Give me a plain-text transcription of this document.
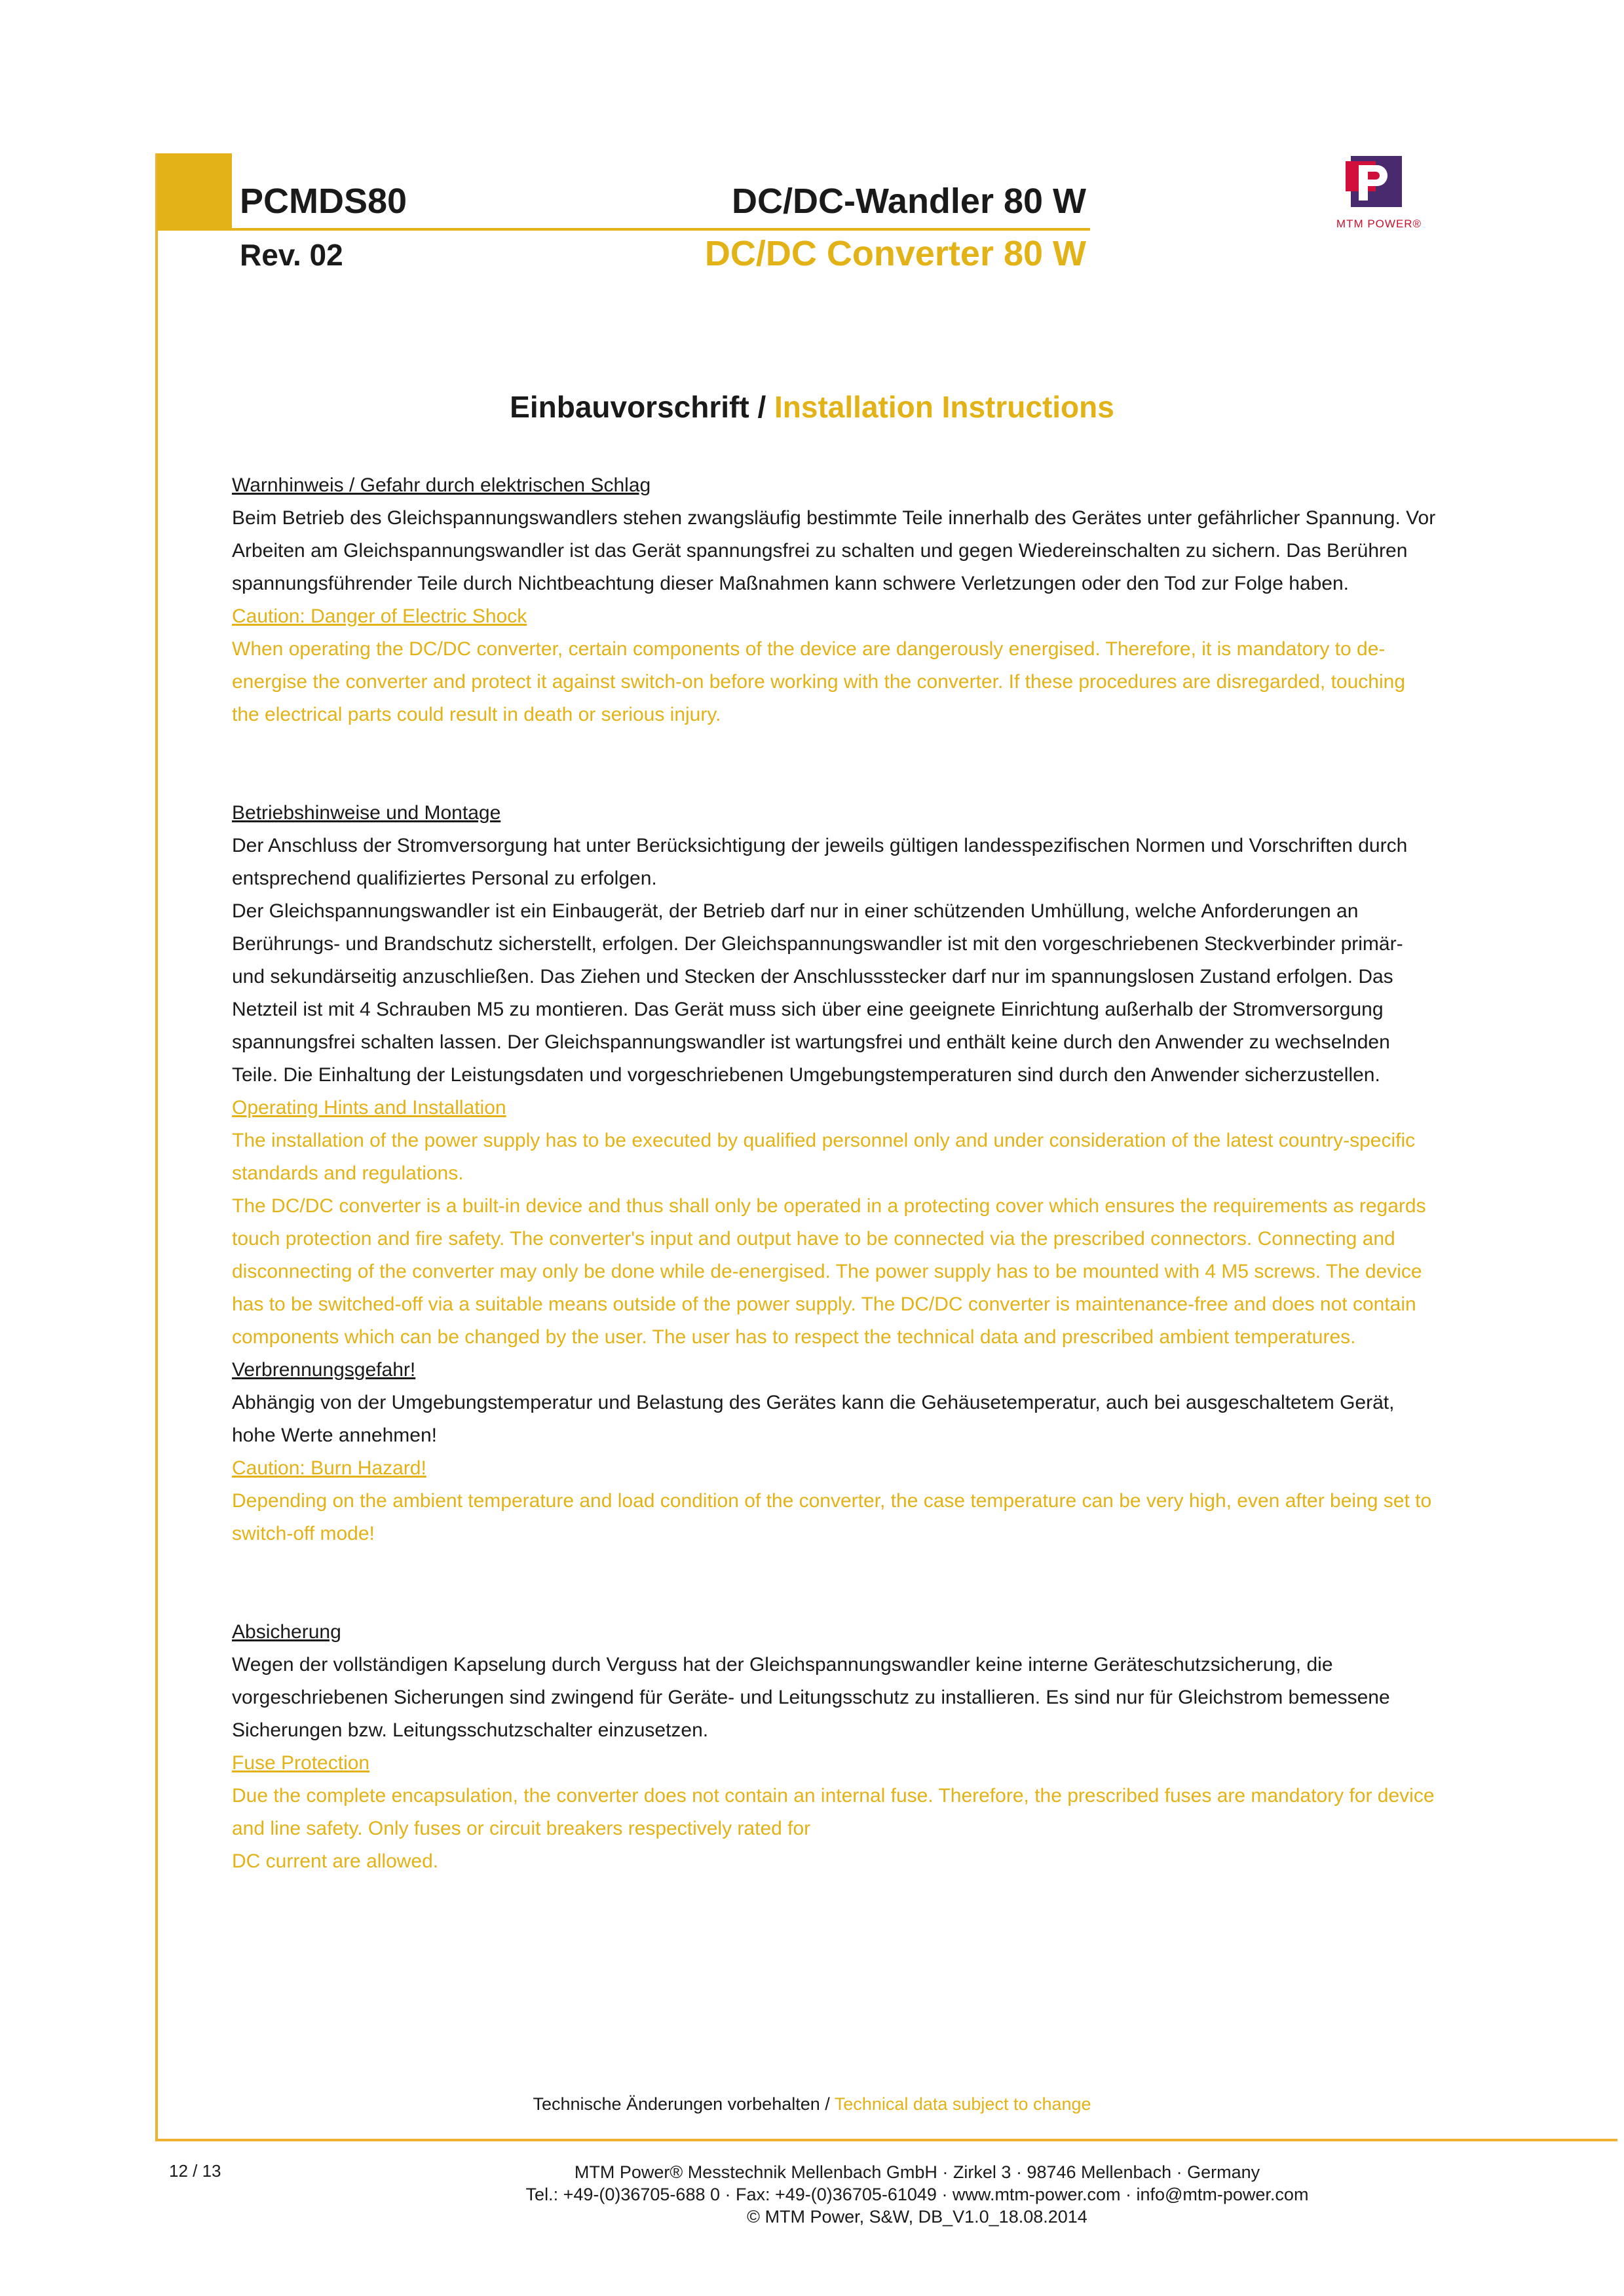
PCMDS80
Rev. 02
DC/DC-Wandler 80 W
DC/DC Converter 80 W
MTM POWER®
Einbauvorschrift / Installation Instructions

Warnhinweis / Gefahr durch elektrischen Schlag

Beim Betrieb des Gleichspannungswandlers stehen zwangsläufig bestimmte Teile innerhalb des Gerätes unter gefährlicher Spannung. Vor Arbeiten am Gleichspannungswandler ist das Gerät spannungsfrei zu schalten und gegen Wiedereinschalten zu sichern. Das Berühren spannungsführender Teile durch Nichtbeachtung dieser Maßnahmen kann schwere Verletzungen oder den Tod zur Folge haben.

Caution: Danger of Electric Shock

When operating the DC/DC converter, certain components of the device are dangerously energised. Therefore, it is mandatory to de-energise the converter and protect it against switch-on before working with the converter. If these procedures are disregarded, touching the electrical parts could result in death or serious injury.

Betriebshinweise und Montage

Der Anschluss der Stromversorgung hat unter Berücksichtigung der jeweils gültigen landesspezifischen Normen und Vorschriften durch entsprechend qualifiziertes Personal zu erfolgen.

Der Gleichspannungswandler ist ein Einbaugerät, der Betrieb darf nur in einer schützenden Umhüllung, welche Anforderungen an Berührungs- und Brandschutz sicherstellt, erfolgen. Der Gleichspannungswandler ist mit den vorgeschriebenen Steckverbinder primär- und sekundärseitig anzuschließen. Das Ziehen und Stecken der Anschlussstecker darf nur im spannungslosen Zustand erfolgen. Das Netzteil ist mit 4 Schrauben M5 zu montieren. Das Gerät muss sich über eine geeignete Einrichtung außerhalb der Stromversorgung spannungsfrei schalten lassen. Der Gleichspannungswandler ist wartungsfrei und enthält keine durch den Anwender zu wechselnden Teile. Die Einhaltung der Leistungsdaten und vorgeschriebenen Umgebungstemperaturen sind durch den Anwender sicherzustellen.

Operating Hints and Installation

The installation of the power supply has to be executed by qualified personnel only and under consideration of the latest country-specific standards and regulations.

The DC/DC converter is a built-in device and thus shall only be operated in a protecting cover which ensures the requirements as regards touch protection and fire safety. The converter's input and output have to be connected via the prescribed connectors. Connecting and disconnecting of the converter may only be done while de-energised. The power supply has to be mounted with 4 M5 screws. The device has to be switched-off via a suitable means outside of the power supply. The DC/DC converter is maintenance-free and does not contain components which can be changed by the user. The user has to respect the technical data and prescribed ambient temperatures.

Verbrennungsgefahr!

Abhängig von der Umgebungstemperatur und Belastung des Gerätes kann die Gehäusetemperatur, auch bei ausgeschaltetem Gerät, hohe Werte annehmen!

Caution: Burn Hazard!

Depending on the ambient temperature and load condition of the converter, the case temperature can be very high, even after being set to switch-off mode!

Absicherung

Wegen der vollständigen Kapselung durch Verguss hat der Gleichspannungswandler keine interne Geräteschutzsicherung, die vorgeschriebenen Sicherungen sind zwingend für Geräte- und Leitungsschutz zu installieren. Es sind nur für Gleichstrom bemessene Sicherungen bzw. Leitungsschutzschalter einzusetzen.

Fuse Protection

Due the complete encapsulation, the converter does not contain an internal fuse. Therefore, the prescribed fuses are mandatory for device and line safety. Only fuses or circuit breakers respectively rated for

DC current are allowed.

Technische Änderungen vorbehalten / Technical data subject to change
12 / 13	MTM Power® Messtechnik Mellenbach GmbH · Zirkel 3 · 98746 Mellenbach · Germany

Tel.: +49-(0)36705-688 0 · Fax: +49-(0)36705-61049 · www.mtm-power.com · info@mtm-power.com

© MTM Power, S&W, DB_V1.0_18.08.2014
